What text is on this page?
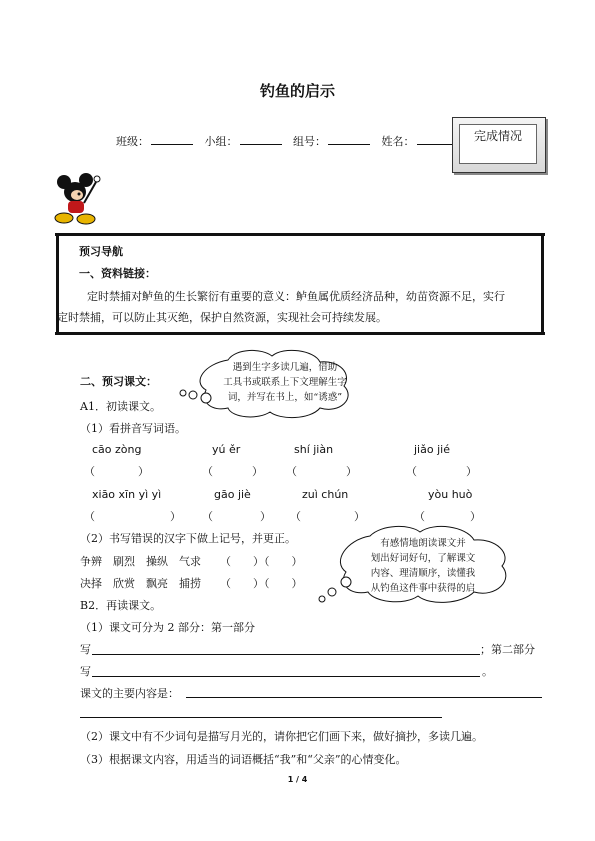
钓鱼的启示
班级：	小组：	组号：	姓名：	完成情况
预习导航
一、资料链接：
定时禁捕对鲈鱼的生长繁衍有重要的意义：鲈鱼属优质经济品种，幼苗资源不足，实行
定时禁捕，可以防止其灭绝，保护自然资源，实现社会可持续发展。
遇到生字多读几遍，借助
工具书或联系上下文理解生字
词，并写在书上，如“诱惑”
二、预习课文：
A1．初读课文。
（1）看拼音写词语。
cāo zòng	yú ěr	shí jiàn	jiǎo jié
（	）	（	） （	）	（	）
xiāo xīn yì yì	gāo jiè	zuì chún	yòu huò
（	） （	） （	）	（	）
（2）书写错误的汉字下做上记号，并更正。
争辨 刷烈 操纵 气求 （　　）（　　）
决择 欣赏 飘亮 捕捞 （　　）（　　）
有感情地朗读课文并
划出好词好句，了解课文
内容、理清顺序，读懂我
从钓鱼这件事中获得的启
B2．再读课文。
（1）课文可分为 2 部分：第一部分
写	；第二部分
写	。
课文的主要内容是：
（2）课文中有不少词句是描写月光的，请你把它们画下来，做好摘抄，多读几遍。
（3）根据课文内容，用适当的词语概括“我”和“父亲”的心情变化。
1 / 4
